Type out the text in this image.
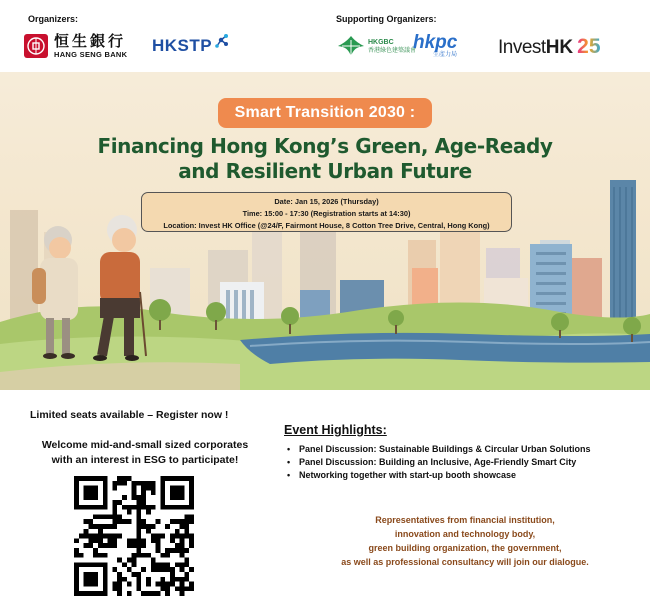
Organizers:	Supporting Organizers:
恒生銀行
HANG SENG BANK HKSTP	HKGBC
香港綠色建築議會
hkpc
生產力局 Invest HK 25
Smart Transition 2030 :
Financing Hong Kong’s Green, Age-Ready
and Resilient Urban Future
Date: Jan 15, 2026 (Thursday)
Time: 15:00 - 17:30 (Registration starts at 14:30)
Location: Invest HK Office (@24/F, Fairmont House, 8 Cotton Tree Drive, Central, Hong Kong)
Limited seats available – Register now !
Welcome mid-and-small sized corporates
with an interest in ESG to participate!
Event Highlights:
• Panel Discussion: Sustainable Buildings & Circular Urban Solutions
• Panel Discussion: Building an Inclusive, Age-Friendly Smart City
• Networking together with start-up booth showcase
Representatives from financial institution,
innovation and technology body,
green building organization, the government,
as well as professional consultancy will join our dialogue.
